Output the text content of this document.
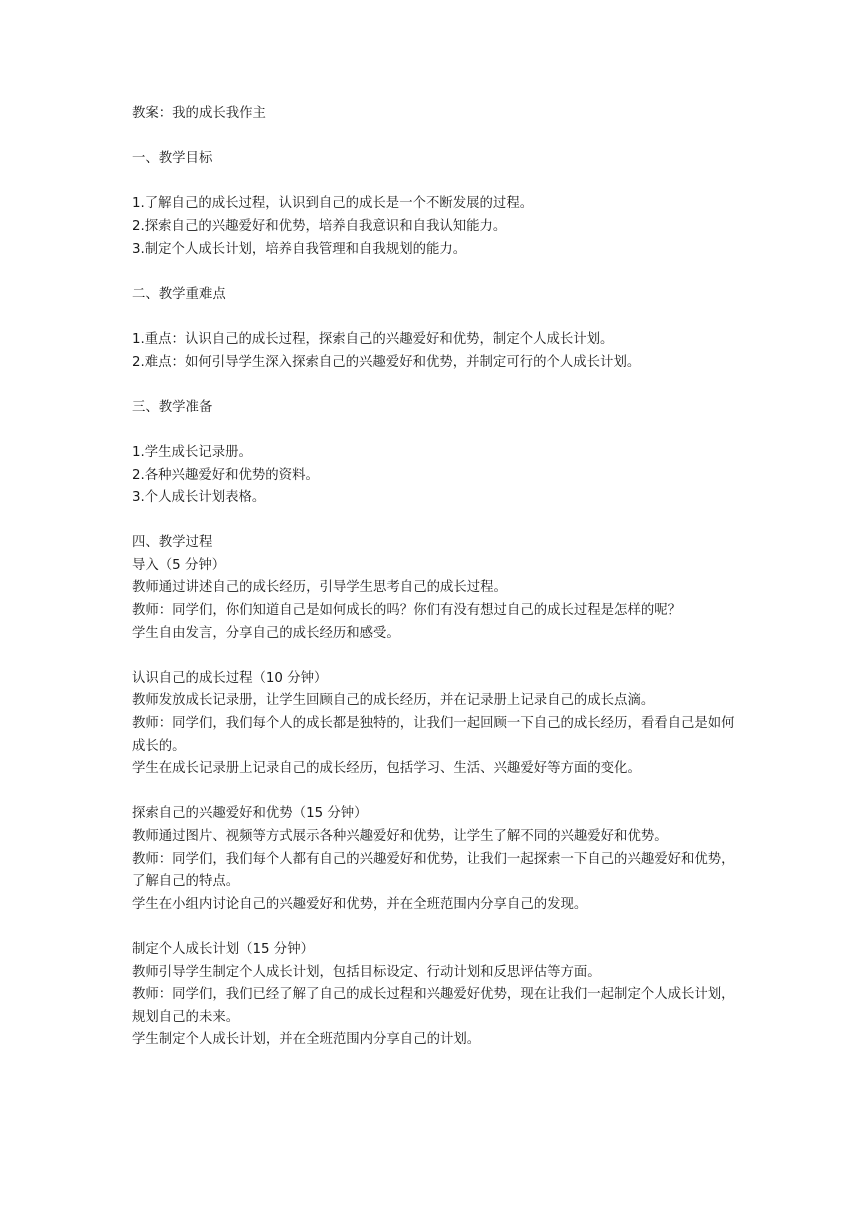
教案：我的成长我作主
一、教学目标
1.了解自己的成长过程，认识到自己的成长是一个不断发展的过程。
2.探索自己的兴趣爱好和优势，培养自我意识和自我认知能力。
3.制定个人成长计划，培养自我管理和自我规划的能力。
二、教学重难点
1.重点：认识自己的成长过程，探索自己的兴趣爱好和优势，制定个人成长计划。
2.难点：如何引导学生深入探索自己的兴趣爱好和优势，并制定可行的个人成长计划。
三、教学准备
1.学生成长记录册。
2.各种兴趣爱好和优势的资料。
3.个人成长计划表格。
四、教学过程
导入（5 分钟）
教师通过讲述自己的成长经历，引导学生思考自己的成长过程。
教师：同学们，你们知道自己是如何成长的吗？你们有没有想过自己的成长过程是怎样的呢？
学生自由发言，分享自己的成长经历和感受。
认识自己的成长过程（10 分钟）
教师发放成长记录册，让学生回顾自己的成长经历，并在记录册上记录自己的成长点滴。
教师：同学们，我们每个人的成长都是独特的，让我们一起回顾一下自己的成长经历，看看自己是如何成长的。
学生在成长记录册上记录自己的成长经历，包括学习、生活、兴趣爱好等方面的变化。
探索自己的兴趣爱好和优势（15 分钟）
教师通过图片、视频等方式展示各种兴趣爱好和优势，让学生了解不同的兴趣爱好和优势。
教师：同学们，我们每个人都有自己的兴趣爱好和优势，让我们一起探索一下自己的兴趣爱好和优势，了解自己的特点。
学生在小组内讨论自己的兴趣爱好和优势，并在全班范围内分享自己的发现。
制定个人成长计划（15 分钟）
教师引导学生制定个人成长计划，包括目标设定、行动计划和反思评估等方面。
教师：同学们，我们已经了解了自己的成长过程和兴趣爱好优势，现在让我们一起制定个人成长计划，规划自己的未来。
学生制定个人成长计划，并在全班范围内分享自己的计划。
